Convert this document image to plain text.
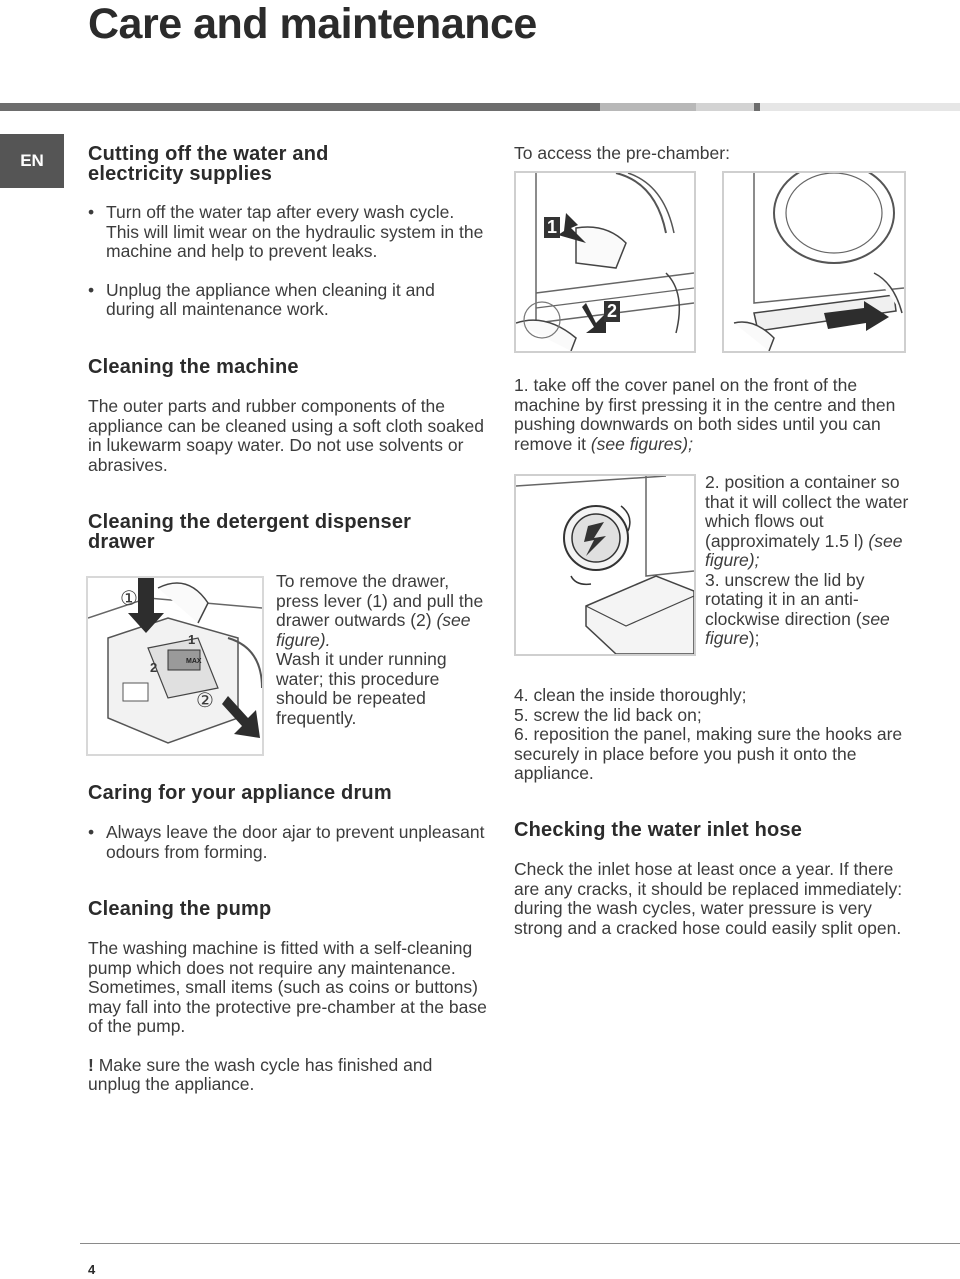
Care and maintenance
EN	Cutting off the water and
electricity supplies

• Turn off the water tap after every wash cycle. This will limit wear on the hydraulic system in the machine and help to prevent leaks.

• Unplug the appliance when cleaning it and during all maintenance work.

Cleaning the machine

The outer parts and rubber components of the appliance can be cleaned using a soft cloth soaked in lukewarm soapy water. Do not use solvents or abrasives.

Cleaning the detergent dispenser
drawer
①
1
2
②
MAX

To remove the drawer, press lever (1) and pull the drawer outwards (2) (see figure).

Wash it under running water; this procedure should be repeated frequently.

Caring for your appliance drum

• Always leave the door ajar to prevent unpleasant odours from forming.

Cleaning the pump

The washing machine is fitted with a self-cleaning pump which does not require any maintenance. Sometimes, small items (such as coins or buttons) may fall into the protective pre-chamber at the base of the pump.

! Make sure the wash cycle has finished and unplug the appliance.

To access the pre-chamber:
1
2

1. take off the cover panel on the front of the machine by first pressing it in the centre and then pushing downwards on both sides until you can remove it (see figures);

2. position a container so that it will collect the water which flows out (approximately 1.5 l) (see figure);

3. unscrew the lid by rotating it in an anti-clockwise direction (see figure);

4. clean the inside thoroughly;

5. screw the lid back on;

6. reposition the panel, making sure the hooks are securely in place before you push it onto the appliance.

Checking the water inlet hose

Check the inlet hose at least once a year. If there are any cracks, it should be replaced immediately: during the wash cycles, water pressure is very strong and a cracked hose could easily split open.

4
